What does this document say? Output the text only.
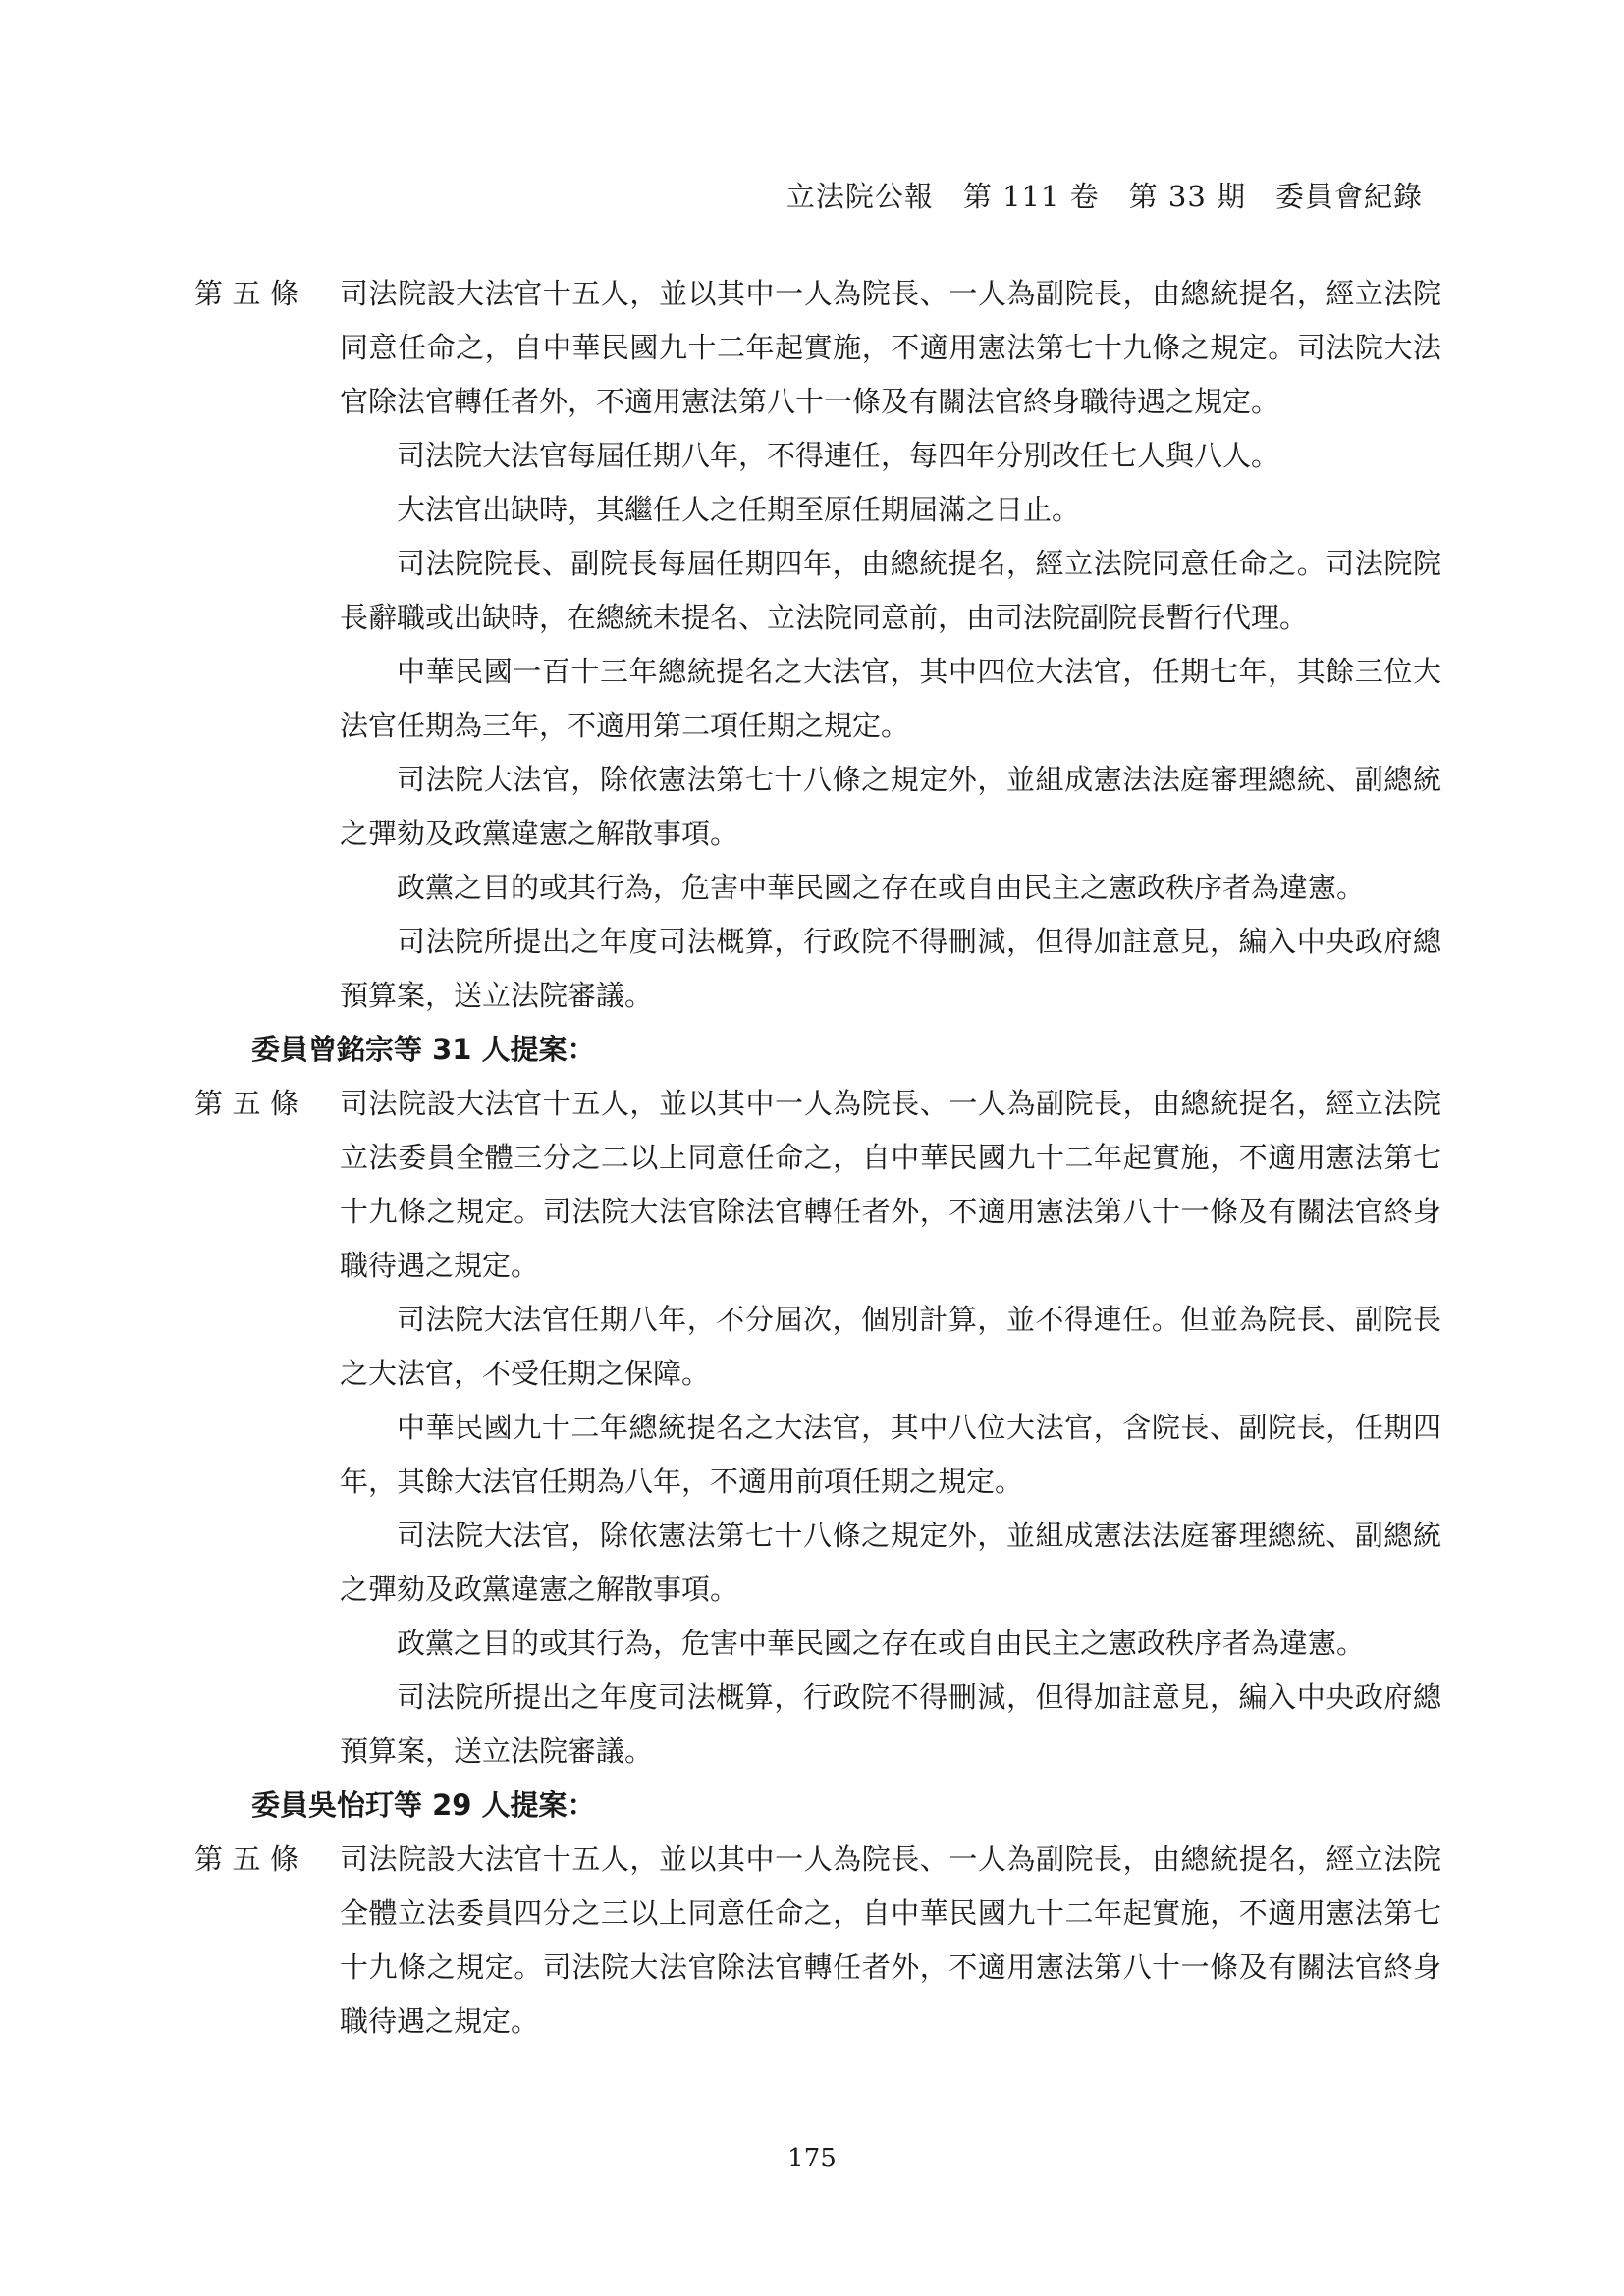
立法院公報　第 111 卷　第 33 期　委員會紀錄
第 五 條 司法院設大法官十五人，並以其中一人為院長、一人為副院長，由總統提名，經立法院同意任命之，自中華民國九十二年起實施，不適用憲法第七十九條之規定。司法院大法官除法官轉任者外，不適用憲法第八十一條及有關法官終身職待遇之規定。

司法院大法官每屆任期八年，不得連任，每四年分別改任七人與八人。

大法官出缺時，其繼任人之任期至原任期屆滿之日止。

司法院院長、副院長每屆任期四年，由總統提名，經立法院同意任命之。司法院院長辭職或出缺時，在總統未提名、立法院同意前，由司法院副院長暫行代理。

中華民國一百十三年總統提名之大法官，其中四位大法官，任期七年，其餘三位大法官任期為三年，不適用第二項任期之規定。

司法院大法官，除依憲法第七十八條之規定外，並組成憲法法庭審理總統、副總統之彈劾及政黨違憲之解散事項。

政黨之目的或其行為，危害中華民國之存在或自由民主之憲政秩序者為違憲。

司法院所提出之年度司法概算，行政院不得刪減，但得加註意見，編入中央政府總預算案，送立法院審議。

委員曾銘宗等 31 人提案：

第 五 條 司法院設大法官十五人，並以其中一人為院長、一人為副院長，由總統提名，經立法院立法委員全體三分之二以上同意任命之，自中華民國九十二年起實施，不適用憲法第七十九條之規定。司法院大法官除法官轉任者外，不適用憲法第八十一條及有關法官終身職待遇之規定。

司法院大法官任期八年，不分屆次，個別計算，並不得連任。但並為院長、副院長之大法官，不受任期之保障。

中華民國九十二年總統提名之大法官，其中八位大法官，含院長、副院長，任期四年，其餘大法官任期為八年，不適用前項任期之規定。

司法院大法官，除依憲法第七十八條之規定外，並組成憲法法庭審理總統、副總統之彈劾及政黨違憲之解散事項。

政黨之目的或其行為，危害中華民國之存在或自由民主之憲政秩序者為違憲。

司法院所提出之年度司法概算，行政院不得刪減，但得加註意見，編入中央政府總預算案，送立法院審議。

委員吳怡玎等 29 人提案：

第 五 條 司法院設大法官十五人，並以其中一人為院長、一人為副院長，由總統提名，經立法院全體立法委員四分之三以上同意任命之，自中華民國九十二年起實施，不適用憲法第七十九條之規定。司法院大法官除法官轉任者外，不適用憲法第八十一條及有關法官終身職待遇之規定。

175
